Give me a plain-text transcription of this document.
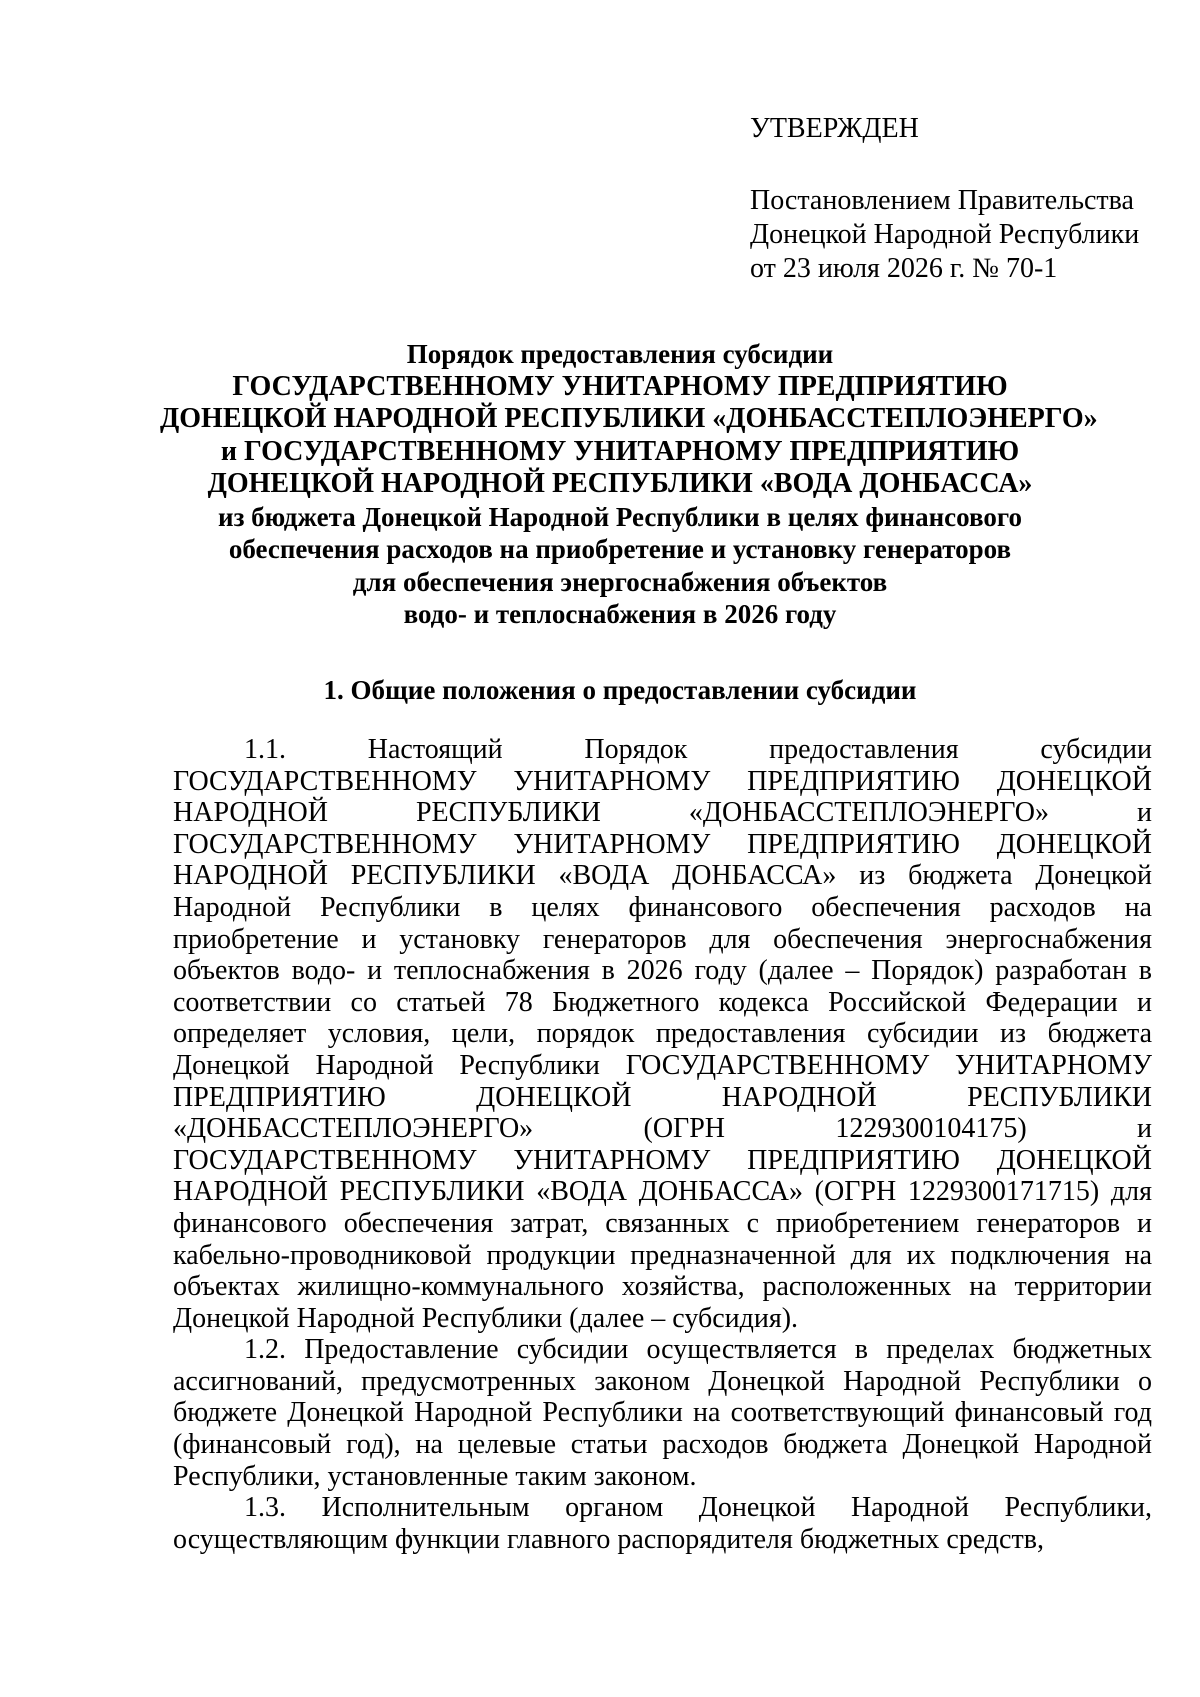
УТВЕРЖДЕН
Постановлением Правительства
Донецкой Народной Республики
от 23 июля 2026 г. № 70-1
Порядок предоставления субсидии
ГОСУДАРСТВЕННОМУ УНИТАРНОМУ ПРЕДПРИЯТИЮ
ДОНЕЦКОЙ НАРОДНОЙ РЕСПУБЛИКИ «ДОНБАССТЕПЛОЭНЕРГО»
и ГОСУДАРСТВЕННОМУ УНИТАРНОМУ ПРЕДПРИЯТИЮ
ДОНЕЦКОЙ НАРОДНОЙ РЕСПУБЛИКИ «ВОДА ДОНБАССА»
из бюджета Донецкой Народной Республики в целях финансового
обеспечения расходов на приобретение и установку генераторов
для обеспечения энергоснабжения объектов
водо- и теплоснабжения в 2026 году
1. Общие положения о предоставлении субсидии

1.1. Настоящий Порядок предоставления субсидии ГОСУДАРСТВЕННОМУ УНИТАРНОМУ ПРЕДПРИЯТИЮ ДОНЕЦКОЙ НАРОДНОЙ РЕСПУБЛИКИ «ДОНБАССТЕПЛОЭНЕРГО» и ГОСУДАРСТВЕННОМУ УНИТАРНОМУ ПРЕДПРИЯТИЮ ДОНЕЦКОЙ НАРОДНОЙ РЕСПУБЛИКИ «ВОДА ДОНБАССА» из бюджета Донецкой Народной Республики в целях финансового обеспечения расходов на приобретение и установку генераторов для обеспечения энергоснабжения объектов водо- и теплоснабжения в 2026 году (далее – Порядок) разработан в соответствии со статьей 78 Бюджетного кодекса Российской Федерации и определяет условия, цели, порядок предоставления субсидии из бюджета Донецкой Народной Республики ГОСУДАРСТВЕННОМУ УНИТАРНОМУ ПРЕДПРИЯТИЮ ДОНЕЦКОЙ НАРОДНОЙ РЕСПУБЛИКИ «ДОНБАССТЕПЛОЭНЕРГО» (ОГРН 1229300104175) и ГОСУДАРСТВЕННОМУ УНИТАРНОМУ ПРЕДПРИЯТИЮ ДОНЕЦКОЙ НАРОДНОЙ РЕСПУБЛИКИ «ВОДА ДОНБАССА» (ОГРН 1229300171715) для финансового обеспечения затрат, связанных с приобретением генераторов и кабельно-проводниковой продукции предназначенной для их подключения на объектах жилищно-коммунального хозяйства, расположенных на территории Донецкой Народной Республики (далее – субсидия).

1.2. Предоставление субсидии осуществляется в пределах бюджетных ассигнований, предусмотренных законом Донецкой Народной Республики о бюджете Донецкой Народной Республики на соответствующий финансовый год (финансовый год), на целевые статьи расходов бюджета Донецкой Народной Республики, установленные таким законом.

1.3. Исполнительным органом Донецкой Народной Республики, осуществляющим функции главного распорядителя бюджетных средств,
